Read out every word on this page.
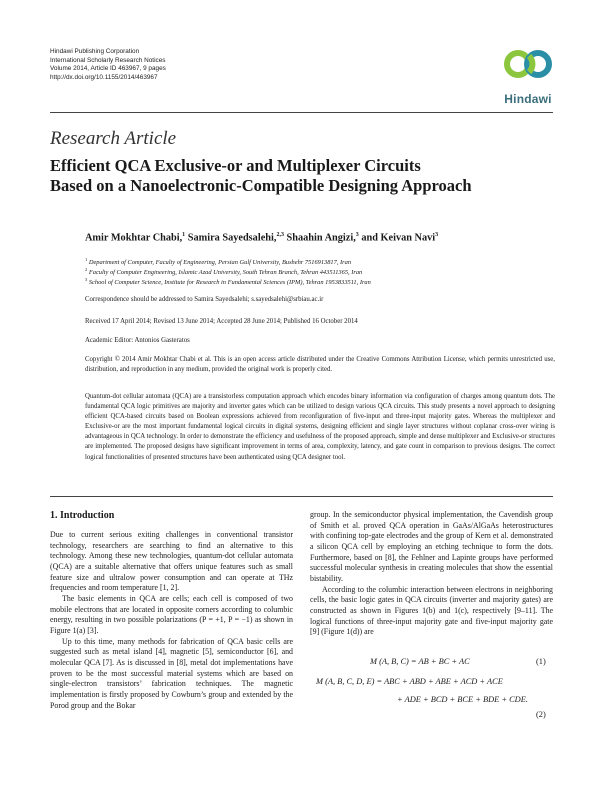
Hindawi Publishing Corporation
International Scholarly Research Notices
Volume 2014, Article ID 463967, 9 pages
http://dx.doi.org/10.1155/2014/463967
Hindawi
Research Article
Efficient QCA Exclusive-or and Multiplexer Circuits
Based on a Nanoelectronic-Compatible Designing Approach
Amir Mokhtar Chabi,$^1$ Samira Sayedsalehi,$^{2,3}$ Shaahin Angizi,$^3$ and Keivan Navi$^3$
$^1$ Department of Computer, Faculty of Engineering, Persian Gulf University, Bushehr 7516913817, Iran
$^2$ Faculty of Computer Engineering, Islamic Azad University, South Tehran Branch, Tehran 443511365, Iran
$^3$ School of Computer Science, Institute for Research in Fundamental Sciences (IPM), Tehran 1953833511, Iran
Correspondence should be addressed to Samira Sayedsalehi; s.sayedsalehi@srbiau.ac.ir
Received 17 April 2014; Revised 13 June 2014; Accepted 28 June 2014; Published 16 October 2014
Academic Editor: Antonios Gasteratos
Copyright © 2014 Amir Mokhtar Chabi et al. This is an open access article distributed under the Creative Commons Attribution License, which permits unrestricted use, distribution, and reproduction in any medium, provided the original work is properly cited.
Quantum-dot cellular automata (QCA) are a transistorless computation approach which encodes binary information via configuration of charges among quantum dots. The fundamental QCA logic primitives are majority and inverter gates which can be utilized to design various QCA circuits. This study presents a novel approach to designing efficient QCA-based circuits based on Boolean expressions achieved from reconfiguration of five-input and three-input majority gates. Whereas the multiplexer and Exclusive-or are the most important fundamental logical circuits in digital systems, designing efficient and single layer structures without coplanar cross-over wiring is advantageous in QCA technology. In order to demonstrate the efficiency and usefulness of the proposed approach, simple and dense multiplexer and Exclusive-or structures are implemented. The proposed designs have significant improvement in terms of area, complexity, latency, and gate count in comparison to previous designs. The correct logical functionalities of presented structures have been authenticated using QCA designer tool.
1. Introduction

Due to current serious exiting challenges in conventional transistor technology, researchers are searching to find an alternative to this technology. Among these new technologies, quantum-dot cellular automata (QCA) are a suitable alternative that offers unique features such as small feature size and ultralow power consumption and can operate at THz frequencies and room temperature [1, 2].

The basic elements in QCA are cells; each cell is composed of two mobile electrons that are located in opposite corners according to columbic energy, resulting in two possible polarizations (P = +1, P = −1) as shown in Figure 1(a) [3].

Up to this time, many methods for fabrication of QCA basic cells are suggested such as metal island [4], magnetic [5], semiconductor [6], and molecular QCA [7]. As is discussed in [8], metal dot implementations have proven to be the most successful material systems which are based on single-electron transistors’ fabrication techniques. The magnetic implementation is firstly proposed by Cowburn’s group and extended by the Porod group and the Bokar

group. In the semiconductor physical implementation, the Cavendish group of Smith et al. proved QCA operation in GaAs/AlGaAs heterostructures with confining top-gate electrodes and the group of Kern et al. demonstrated a silicon QCA cell by employing an etching technique to form the dots. Furthermore, based on [8], the Fehlner and Lapinte groups have performed successful molecular synthesis in creating molecules that show the essential bistability.

According to the columbic interaction between electrons in neighboring cells, the basic logic gates in QCA circuits (inverter and majority gates) are constructed as shown in Figures 1(b) and 1(c), respectively [9–11]. The logical functions of three-input majority gate and five-input majority gate [9] (Figure 1(d)) are

M (A, B, C) = AB + BC + AC	(1)
M (A, B, C, D, E) = ABC + ABD + ABE + ACD + ACE
+ ADE + BCD + BCE + BDE + CDE.
(2)
